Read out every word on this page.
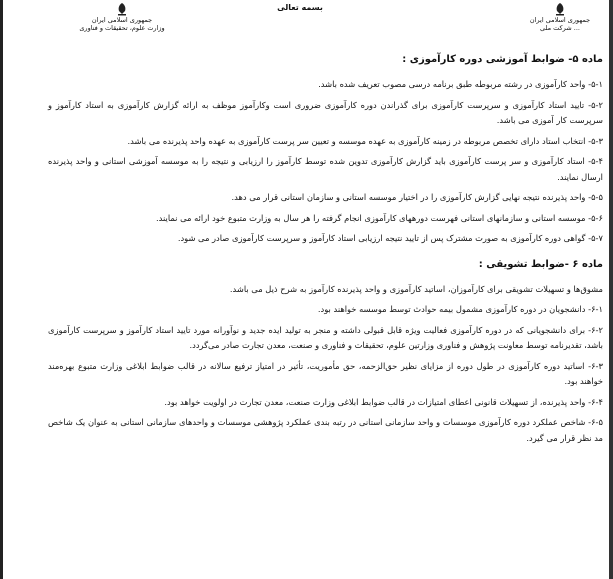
جمهوری اسلامی ایران
وزارت علوم، تحقیقات و فناوری
بسمه تعالی
جمهوری اسلامی ایران
شرکت ملی ...
ماده ۵- ضوابط آموزشی دوره کارآموزی :

۵-۱- واحد کارآموزی در رشته مربوطه طبق برنامه درسی مصوب تعریف شده باشد.

۵-۲- تایید استاد کارآموزی و سرپرست کارآموزی برای گذراندن دوره کارآموزی ضروری است وکارآموز موظف به ارائه گزارش کارآموزی به استاد کارآموز و سرپرست کار آموزی می باشد.

۵-۳- انتخاب استاد دارای تخصص مربوطه در زمینه کارآموزی به عهده موسسه و تعیین سر پرست کارآموزی به عهده واحد پذیرنده می باشد.

۵-۴- استاد کارآموزی و سر پرست کارآموزی باید گزارش کارآموزی تدوین شده توسط کارآموز را ارزیابی و نتیجه را به موسسه آموزشی استانی و واحد پذیرنده ارسال نمایند.

۵-۵- واحد پذیرنده نتیجه نهایی گزارش کارآموزی را در اختیار موسسه استانی و سازمان استانی قرار می دهد.

۵-۶- موسسه استانی و سازمانهای استانی فهرست دورههای کارآموزی انجام گرفته را هر سال به وزارت متبوع خود ارائه می نمایند.

۵-۷- گواهی دوره کارآموزی به صورت مشترک پس از تایید نتیجه ارزیابی استاد کارآموز و سرپرست کارآموزی صادر می شود.

ماده ۶ -ضوابط تشویقی :

مشوق‌ها و تسهیلات تشویقی برای کارآموزان، اساتید کارآموزی و واحد پذیرنده کارآموز به شرح ذیل می باشد.

۶-۱- دانشجویان در دوره کارآموزی مشمول بیمه حوادث توسط موسسه خواهند بود.

۶-۲- برای دانشجویانی که در دوره کارآموزی فعالیت ویژه قابل قبولی داشته و منجر به تولید ایده جدید و نوآورانه مورد تایید استاد کارآموز و سرپرست کارآموزی باشد، تقدیرنامه توسط معاونت پژوهش و فناوری وزارتین علوم، تحقیقات و فناوری و صنعت، معدن تجارت صادر می‌گردد.

۶-۳- اساتید دوره کارآموزی در طول دوره از مزایای نظیر حق‌الزحمه، حق مأموریت، تأثیر در امتیاز ترفیع سالانه در قالب ضوابط ابلاغی وزارت متبوع بهره‌مند خواهند بود.

۶-۴- واحد پذیرنده، از تسهیلات قانونی اعطای امتیازات در قالب ضوابط ابلاغی وزارت صنعت، معدن تجارت در اولویت خواهد بود.

۶-۵- شاخص عملکرد دوره کارآموزی موسسات و واحد سازمانی استانی در رتبه بندی عملکرد پژوهشی موسسات و واحدهای سازمانی استانی به عنوان یک شاخص مد نظر قرار می گیرد.
